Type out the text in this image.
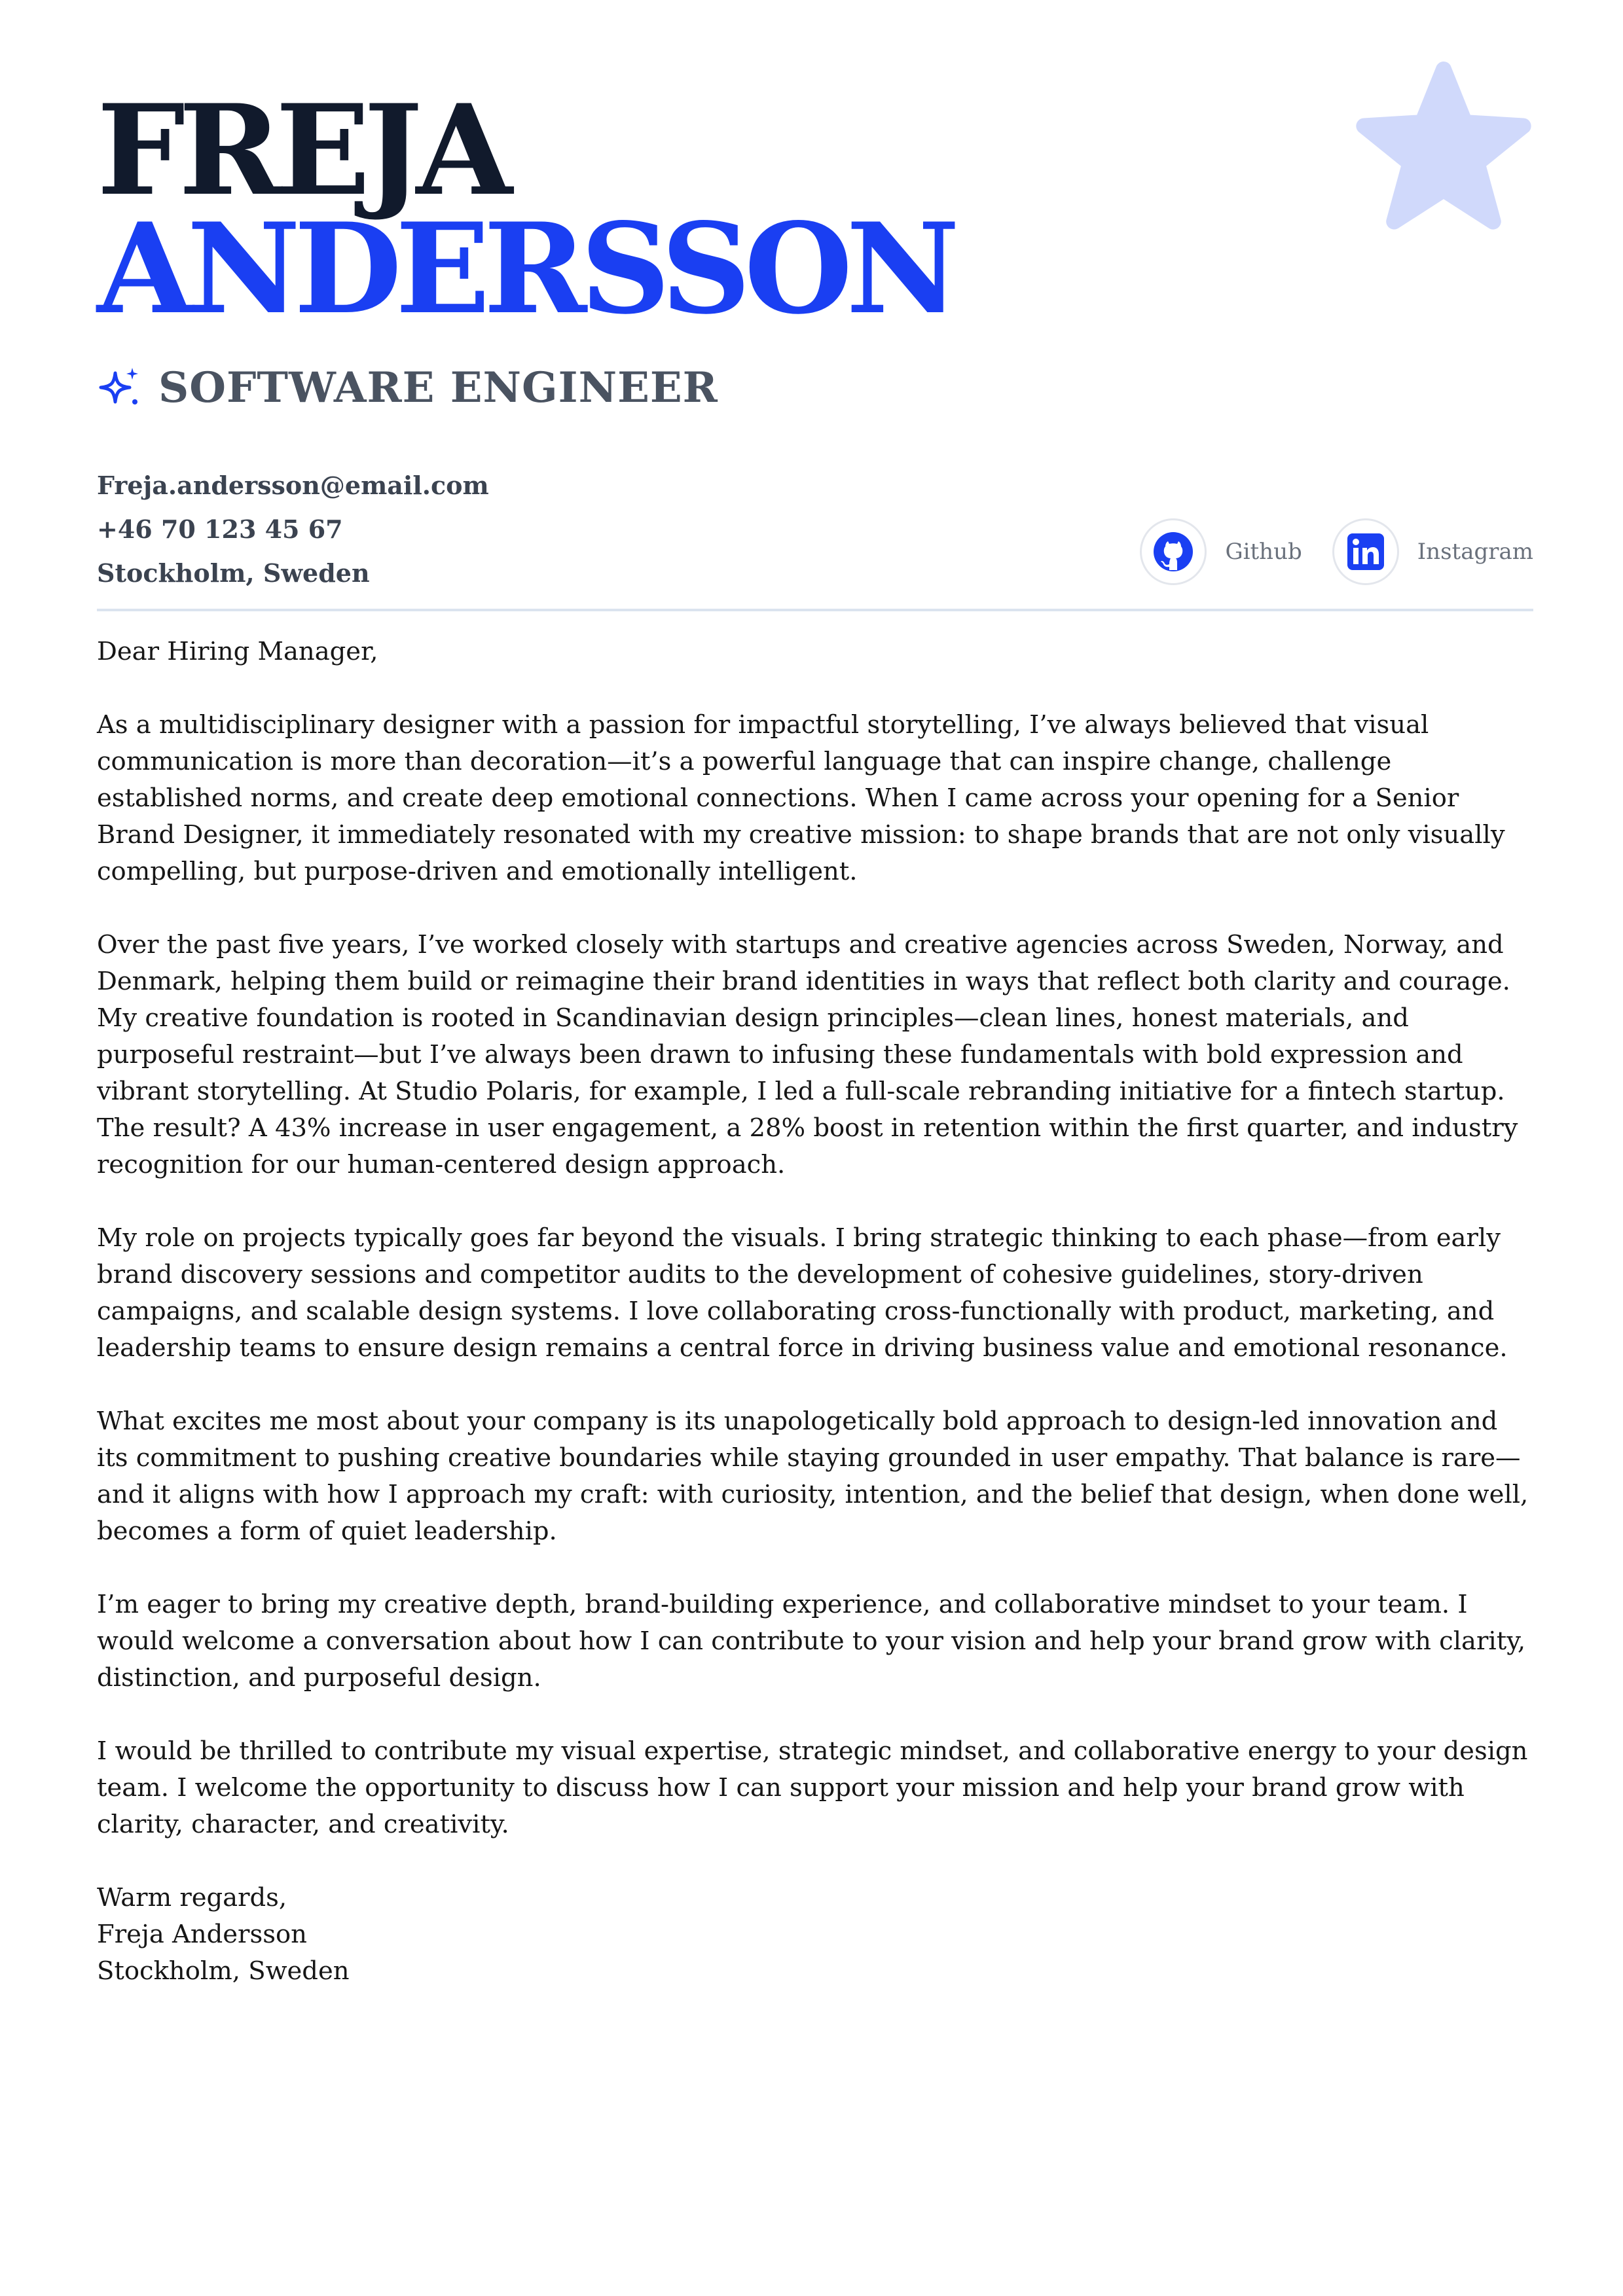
FREJA
ANDERSSON
SOFTWARE ENGINEER
Freja.andersson@email.com
+46 70 123 45 67
Stockholm, Sweden
Github	Instagram

Dear Hiring Manager,

As a multidisciplinary designer with a passion for impactful storytelling, I’ve always believed that visual communication is more than decoration—it’s a powerful language that can inspire change, challenge established norms, and create deep emotional connections. When I came across your opening for a Senior Brand Designer, it immediately resonated with my creative mission: to shape brands that are not only visually compelling, but purpose-driven and emotionally intelligent.

Over the past five years, I’ve worked closely with startups and creative agencies across Sweden, Norway, and Denmark, helping them build or reimagine their brand identities in ways that reflect both clarity and courage. My creative foundation is rooted in Scandinavian design principles—clean lines, honest materials, and purposeful restraint—but I’ve always been drawn to infusing these fundamentals with bold expression and vibrant storytelling. At Studio Polaris, for example, I led a full-scale rebranding initiative for a fintech startup. The result? A 43% increase in user engagement, a 28% boost in retention within the first quarter, and industry recognition for our human-centered design approach.

My role on projects typically goes far beyond the visuals. I bring strategic thinking to each phase—from early brand discovery sessions and competitor audits to the development of cohesive guidelines, story-driven campaigns, and scalable design systems. I love collaborating cross-functionally with product, marketing, and leadership teams to ensure design remains a central force in driving business value and emotional resonance.

What excites me most about your company is its unapologetically bold approach to design-led innovation and its commitment to pushing creative boundaries while staying grounded in user empathy. That balance is rare—and it aligns with how I approach my craft: with curiosity, intention, and the belief that design, when done well, becomes a form of quiet leadership.

I’m eager to bring my creative depth, brand-building experience, and collaborative mindset to your team. I would welcome a conversation about how I can contribute to your vision and help your brand grow with clarity, distinction, and purposeful design.

I would be thrilled to contribute my visual expertise, strategic mindset, and collaborative energy to your design team. I welcome the opportunity to discuss how I can support your mission and help your brand grow with clarity, character, and creativity.

Warm regards,
Freja Andersson
Stockholm, Sweden
